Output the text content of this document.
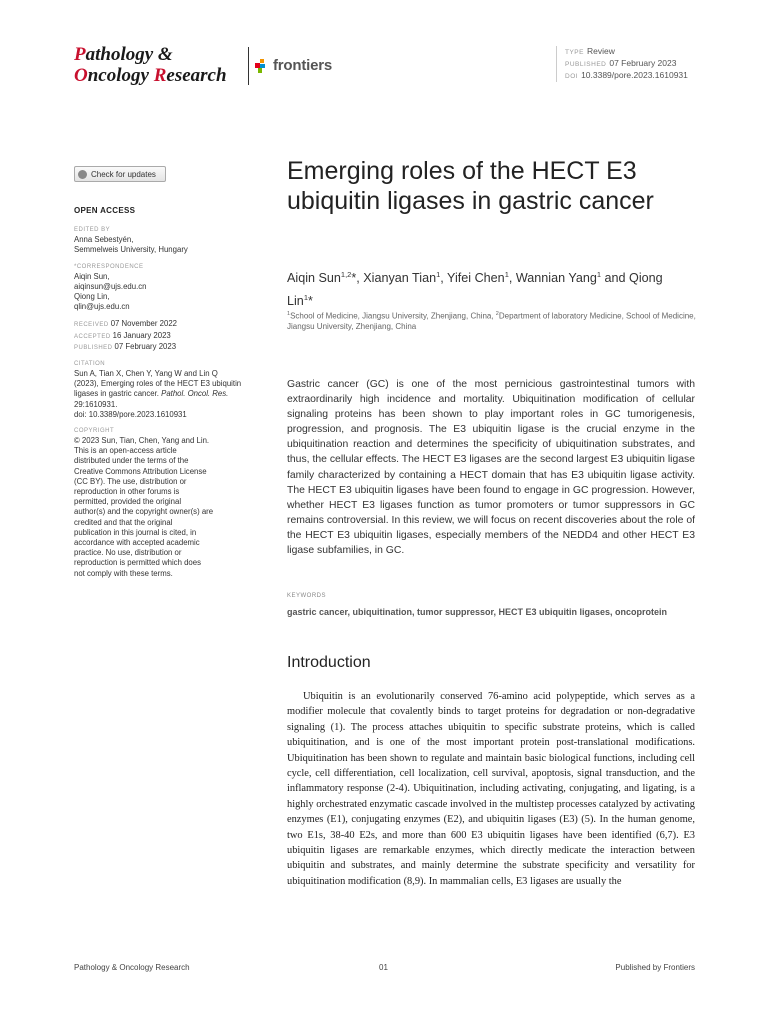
Pathology &
Oncology Research	frontiers
TYPE Review
PUBLISHED 07 February 2023
DOI 10.3389/pore.2023.1610931
Check for updates
OPEN ACCESS
EDITED BY
Anna Sebestyén,
Semmelweis University, Hungary
*CORRESPONDENCE
Aiqin Sun,
aiqinsun@ujs.edu.cn
Qiong Lin,
qlin@ujs.edu.cn
RECEIVED 07 November 2022
ACCEPTED 16 January 2023
PUBLISHED 07 February 2023
CITATION
Sun A, Tian X, Chen Y, Yang W and Lin Q (2023), Emerging roles of the HECT E3 ubiquitin ligases in gastric cancer. Pathol. Oncol. Res. 29:1610931.
doi: 10.3389/pore.2023.1610931
COPYRIGHT
© 2023 Sun, Tian, Chen, Yang and Lin.
This is an open-access article
distributed under the terms of the
Creative Commons Attribution License
(CC BY). The use, distribution or
reproduction in other forums is
permitted, provided the original
author(s) and the copyright owner(s) are
credited and that the original
publication in this journal is cited, in
accordance with accepted academic
practice. No use, distribution or
reproduction is permitted which does
not comply with these terms.
Emerging roles of the HECT E3 ubiquitin ligases in gastric cancer
Aiqin Sun$^{1,2}$*, Xianyan Tian$^1$, Yifei Chen$^1$, Wannian Yang$^1$ and Qiong Lin$^1$*
$^1$School of Medicine, Jiangsu University, Zhenjiang, China, $^2$Department of laboratory Medicine, School of Medicine, Jiangsu University, Zhenjiang, China
Gastric cancer (GC) is one of the most pernicious gastrointestinal tumors with extraordinarily high incidence and mortality. Ubiquitination modification of cellular signaling proteins has been shown to play important roles in GC tumorigenesis, progression, and prognosis. The E3 ubiquitin ligase is the crucial enzyme in the ubiquitination reaction and determines the specificity of ubiquitination substrates, and thus, the cellular effects. The HECT E3 ligases are the second largest E3 ubiquitin ligase family characterized by containing a HECT domain that has E3 ubiquitin ligase activity. The HECT E3 ubiquitin ligases have been found to engage in GC progression. However, whether HECT E3 ligases function as tumor promoters or tumor suppressors in GC remains controversial. In this review, we will focus on recent discoveries about the role of the HECT E3 ubiquitin ligases, especially members of the NEDD4 and other HECT E3 ligase subfamilies, in GC.
KEYWORDS
gastric cancer, ubiquitination, tumor suppressor, HECT E3 ubiquitin ligases, oncoprotein
Introduction

Ubiquitin is an evolutionarily conserved 76-amino acid polypeptide, which serves as a modifier molecule that covalently binds to target proteins for degradation or non-degradative signaling (1). The process attaches ubiquitin to specific substrate proteins, which is called ubiquitination, and is one of the most important protein post-translational modifications. Ubiquitination has been shown to regulate and maintain basic biological functions, including cell cycle, cell differentiation, cell localization, cell survival, apoptosis, signal transduction, and the inflammatory response (2-4). Ubiquitination, including activating, conjugating, and ligating, is a highly orchestrated enzymatic cascade involved in the multistep processes catalyzed by activating enzymes (E1), conjugating enzymes (E2), and ubiquitin ligases (E3) (5). In the human genome, two E1s, 38-40 E2s, and more than 600 E3 ubiquitin ligases have been identified (6,7). E3 ubiquitin ligases are remarkable enzymes, which directly medicate the interaction between ubiquitin and substrates, and mainly determine the substrate specificity and versatility for ubiquitination modification (8,9). In mammalian cells, E3 ligases are usually the

Pathology & Oncology Research	01	Published by Frontiers
